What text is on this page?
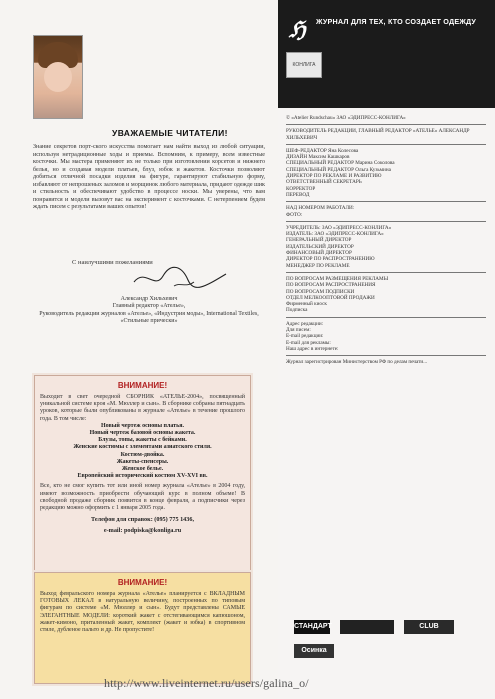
УВАЖАЕМЫЕ ЧИТАТЕЛИ!
Знание секретов порт-ского искусства помогает нам найти выход из любой ситуации, используя нетрадиционные ходы и приемы. Вспомним, к примеру, всем известные косточки. Мы мастера применяют их не только при изготовлении корсетов и нижнего белья, но и создавая модели платьев, блуз, юбок и жакетов. Косточки позволяют добиться отличной посадки изделия на фигуре, гарантируют стабильную форму, избавляют от непрошеных заломов и морщинок любого материала, придают одежде шик и стильность и обеспечивают удобство в процессе носки. Мы уверены, что вам понравится и модели вызовут вас на эксперимент с косточками. С нетерпением будем ждать писем с результатами ваших опытов!
С наилучшими пожеланиями
Александр Хильхевич
Главный редактор «Ателье»,
Руководитель редакции журналов «Ателье», «Индустрия моды», International Textiles, «Стильные прически»
ВНИМАНИЕ!
Выходит в свет очередной СБОРНИК «АТЕЛЬЕ-2004», посвященный уникальной системе кроя «М. Мюллер и сын». В сборнике собраны пятнадцать уроков, которые были опубликованы в журнале «Ателье» в течение прошлого года. В том числе:
Новый чертеж основы платья.
Новый чертеж базовой основы жакета.
Блузы, топы, жакеты с бейками.
Женские костюмы с элементами азиатского стиля.
Костюм-двойка.
Жакеты-спенсеры.
Женское белье.
Европейский исторический костюм XV-XVI вв.
Все, кто не смог купить тот или иной номер журнала «Ателье» в 2004 году, имеют возможность приобрести обучающий курс в полном объеме! В свободной продаже сборник появится в конце февраля, а подписчики через редакцию можно оформить с 1 января 2005 года.
Телефон для справок: (095) 775 1436,
e-mail: podpiska@konliga.ru
ВНИМАНИЕ!
Выход февральского номера журнала «Ателье» планируется с ВКЛАДНЫМ ГОТОВЫХ ЛЕКАЛ в натуральную величину, построенных по типовым фигурам по системе «М. Мюллер и сын». Будут представлены САМЫЕ ЭЛЕГАНТНЫЕ МОДЕЛИ: короткий жакет с отстегивающимся капюшоном, жакет-кимоно, приталенный жакет, комплект (жакет и юбка) в спортивном стиле, дубленое пальто и др. Не пропустите!
ℌ ЖУРНАЛ ДЛЯ ТЕХ, КТО СОЗДАЕТ ОДЕЖДУ
КОНЛИГА
© «Atelier Rundschau» ЗАО «ЭДИПРЕСС-КОНЛИГА»
РУКОВОДИТЕЛЬ РЕДАКЦИИ, ГЛАВНЫЙ РЕДАКТОР «АТЕЛЬЕ» АЛЕКСАНДР ХИЛЬХЕВИЧ
ШЕФ-РЕДАКТОР Яна Колесова
ДИЗАЙН Максим Кашкаров
СПЕЦИАЛЬНЫЙ РЕДАКТОР Марина Соколова
СПЕЦИАЛЬНЫЙ РЕДАКТОР Ольга Кузьмина
ДИРЕКТОР ПО РЕКЛАМЕ И РАЗВИТИЮ
ОТВЕТСТВЕННЫЙ СЕКРЕТАРЬ
КОРРЕКТОР
ПЕРЕВОД
НАД НОМЕРОМ РАБОТАЛИ:
ФОТО:
УЧРЕДИТЕЛЬ: ЗАО «ЭДИПРЕСС-КОНЛИГА»
ИЗДАТЕЛЬ: ЗАО «ЭДИПРЕСС-КОНЛИГА»
ГЕНЕРАЛЬНЫЙ ДИРЕКТОР
ИЗДАТЕЛЬСКИЙ ДИРЕКТОР
ФИНАНСОВЫЙ ДИРЕКТОР
ДИРЕКТОР ПО РАСПРОСТРАНЕНИЮ
МЕНЕДЖЕР ПО РЕКЛАМЕ
ПО ВОПРОСАМ РАЗМЕЩЕНИЯ РЕКЛАМЫ
ПО ВОПРОСАМ РАСПРОСТРАНЕНИЯ
ПО ВОПРОСАМ ПОДПИСКИ
ОТДЕЛ МЕЛКООПТОВОЙ ПРОДАЖИ
Фирменный киоск
Подписка
Адрес редакции:
Для писем:
E-mail редакции:
E-mail для рекламы:
Наш адрес в интернете:
Журнал зарегистрирован Министерством РФ по делам печати...
СТАНДАРТ	CLUB
Осинка
http://www.liveinternet.ru/users/galina_o/
